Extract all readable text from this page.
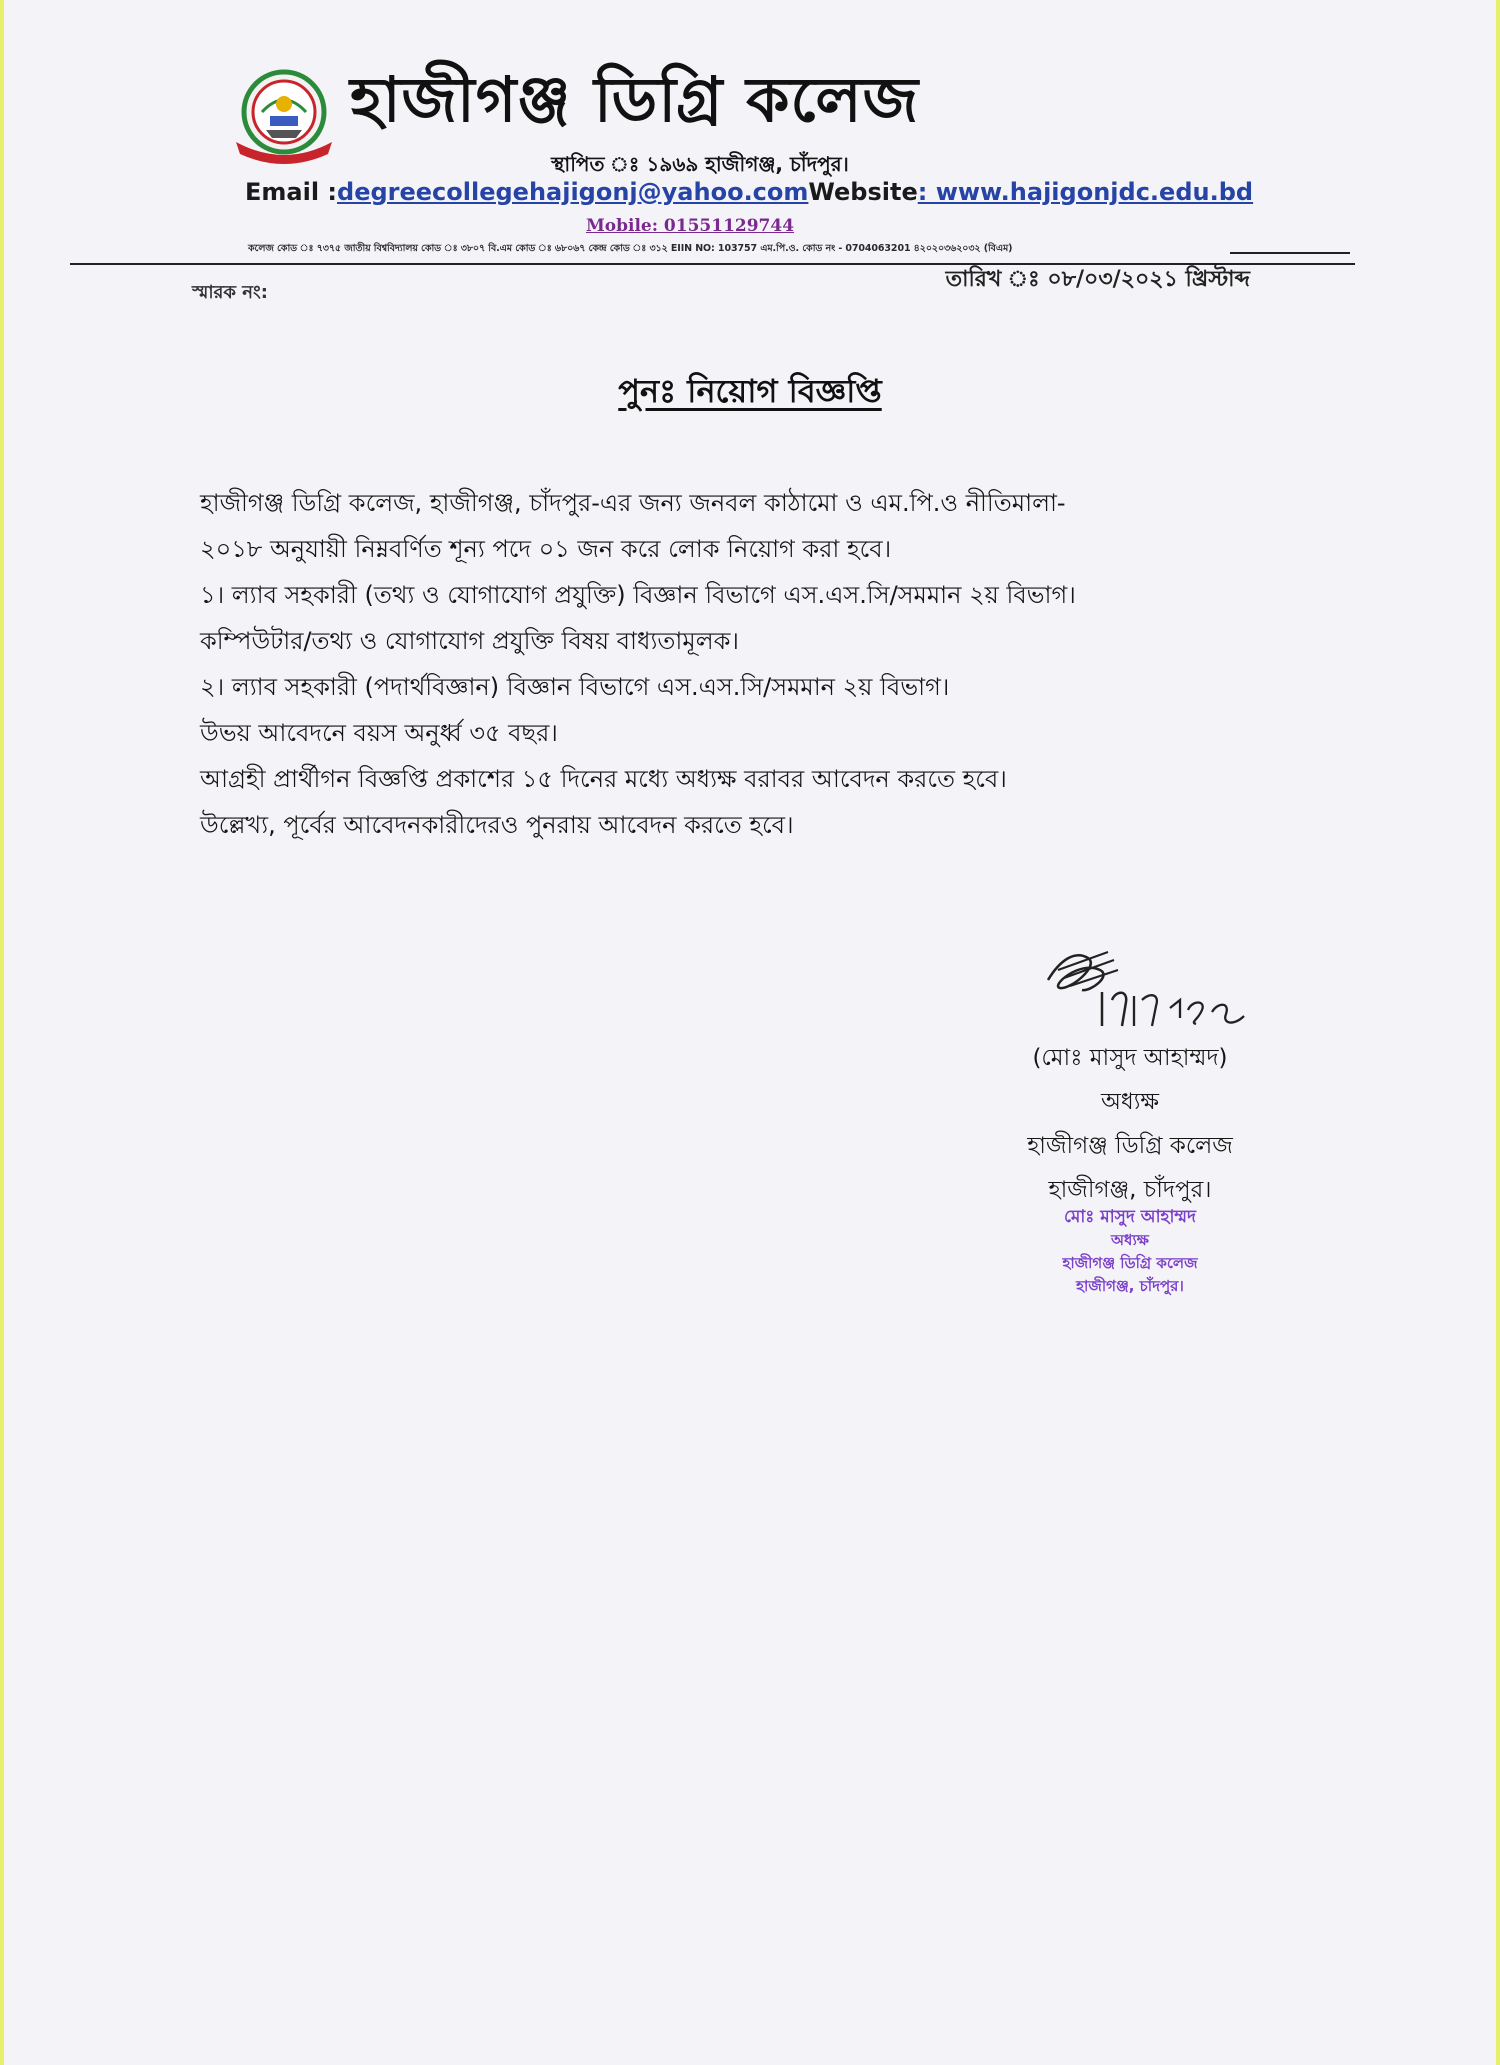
হাজীগঞ্জ ডিগ্রি কলেজ
স্থাপিত ঃ ১৯৬৯ হাজীগঞ্জ, চাঁদপুর।
Email :degreecollegehajigonj@yahoo.comWebsite: www.hajigonjdc.edu.bd
Mobile: 01551129744
কলেজ কোড ঃ ৭৩৭৫ জাতীয় বিশ্ববিদ্যালয় কোড ঃ ৩৮০৭ বি.এম কোড ঃ ৬৮০৬৭ কেন্দ্র কোড ঃ ৩১২ EIIN NO: 103757 এম.পি.ও. কোড নং - 0704063201 ৪২০২০৩৬২০৩২ (বিএম)
স্মারক নং:
তারিখ ঃ ০৮/০৩/২০২১ খ্রিস্টাব্দ
পুনঃ নিয়োগ বিজ্ঞপ্তি

হাজীগঞ্জ ডিগ্রি কলেজ, হাজীগঞ্জ, চাঁদপুর-এর জন্য জনবল কাঠামো ও এম.পি.ও নীতিমালা-

২০১৮ অনুযায়ী নিম্নবর্ণিত শূন্য পদে ০১ জন করে লোক নিয়োগ করা হবে।

১। ল্যাব সহকারী (তথ্য ও যোগাযোগ প্রযুক্তি) বিজ্ঞান বিভাগে এস.এস.সি/সমমান ২য় বিভাগ।

কম্পিউটার/তথ্য ও যোগাযোগ প্রযুক্তি বিষয় বাধ্যতামূলক।

২। ল্যাব সহকারী (পদার্থবিজ্ঞান) বিজ্ঞান বিভাগে এস.এস.সি/সমমান ২য় বিভাগ।

উভয় আবেদনে বয়স অনুর্ধ্ব ৩৫ বছর।

আগ্রহী প্রার্থীগন বিজ্ঞপ্তি প্রকাশের ১৫ দিনের মধ্যে অধ্যক্ষ বরাবর আবেদন করতে হবে।

উল্লেখ্য, পূর্বের আবেদনকারীদেরও পুনরায় আবেদন করতে হবে।

(মোঃ মাসুদ আহাম্মদ)
অধ্যক্ষ
হাজীগঞ্জ ডিগ্রি কলেজ
হাজীগঞ্জ, চাঁদপুর।
মোঃ মাসুদ আহাম্মদ
অধ্যক্ষ
হাজীগঞ্জ ডিগ্রি কলেজ
হাজীগঞ্জ, চাঁদপুর।
